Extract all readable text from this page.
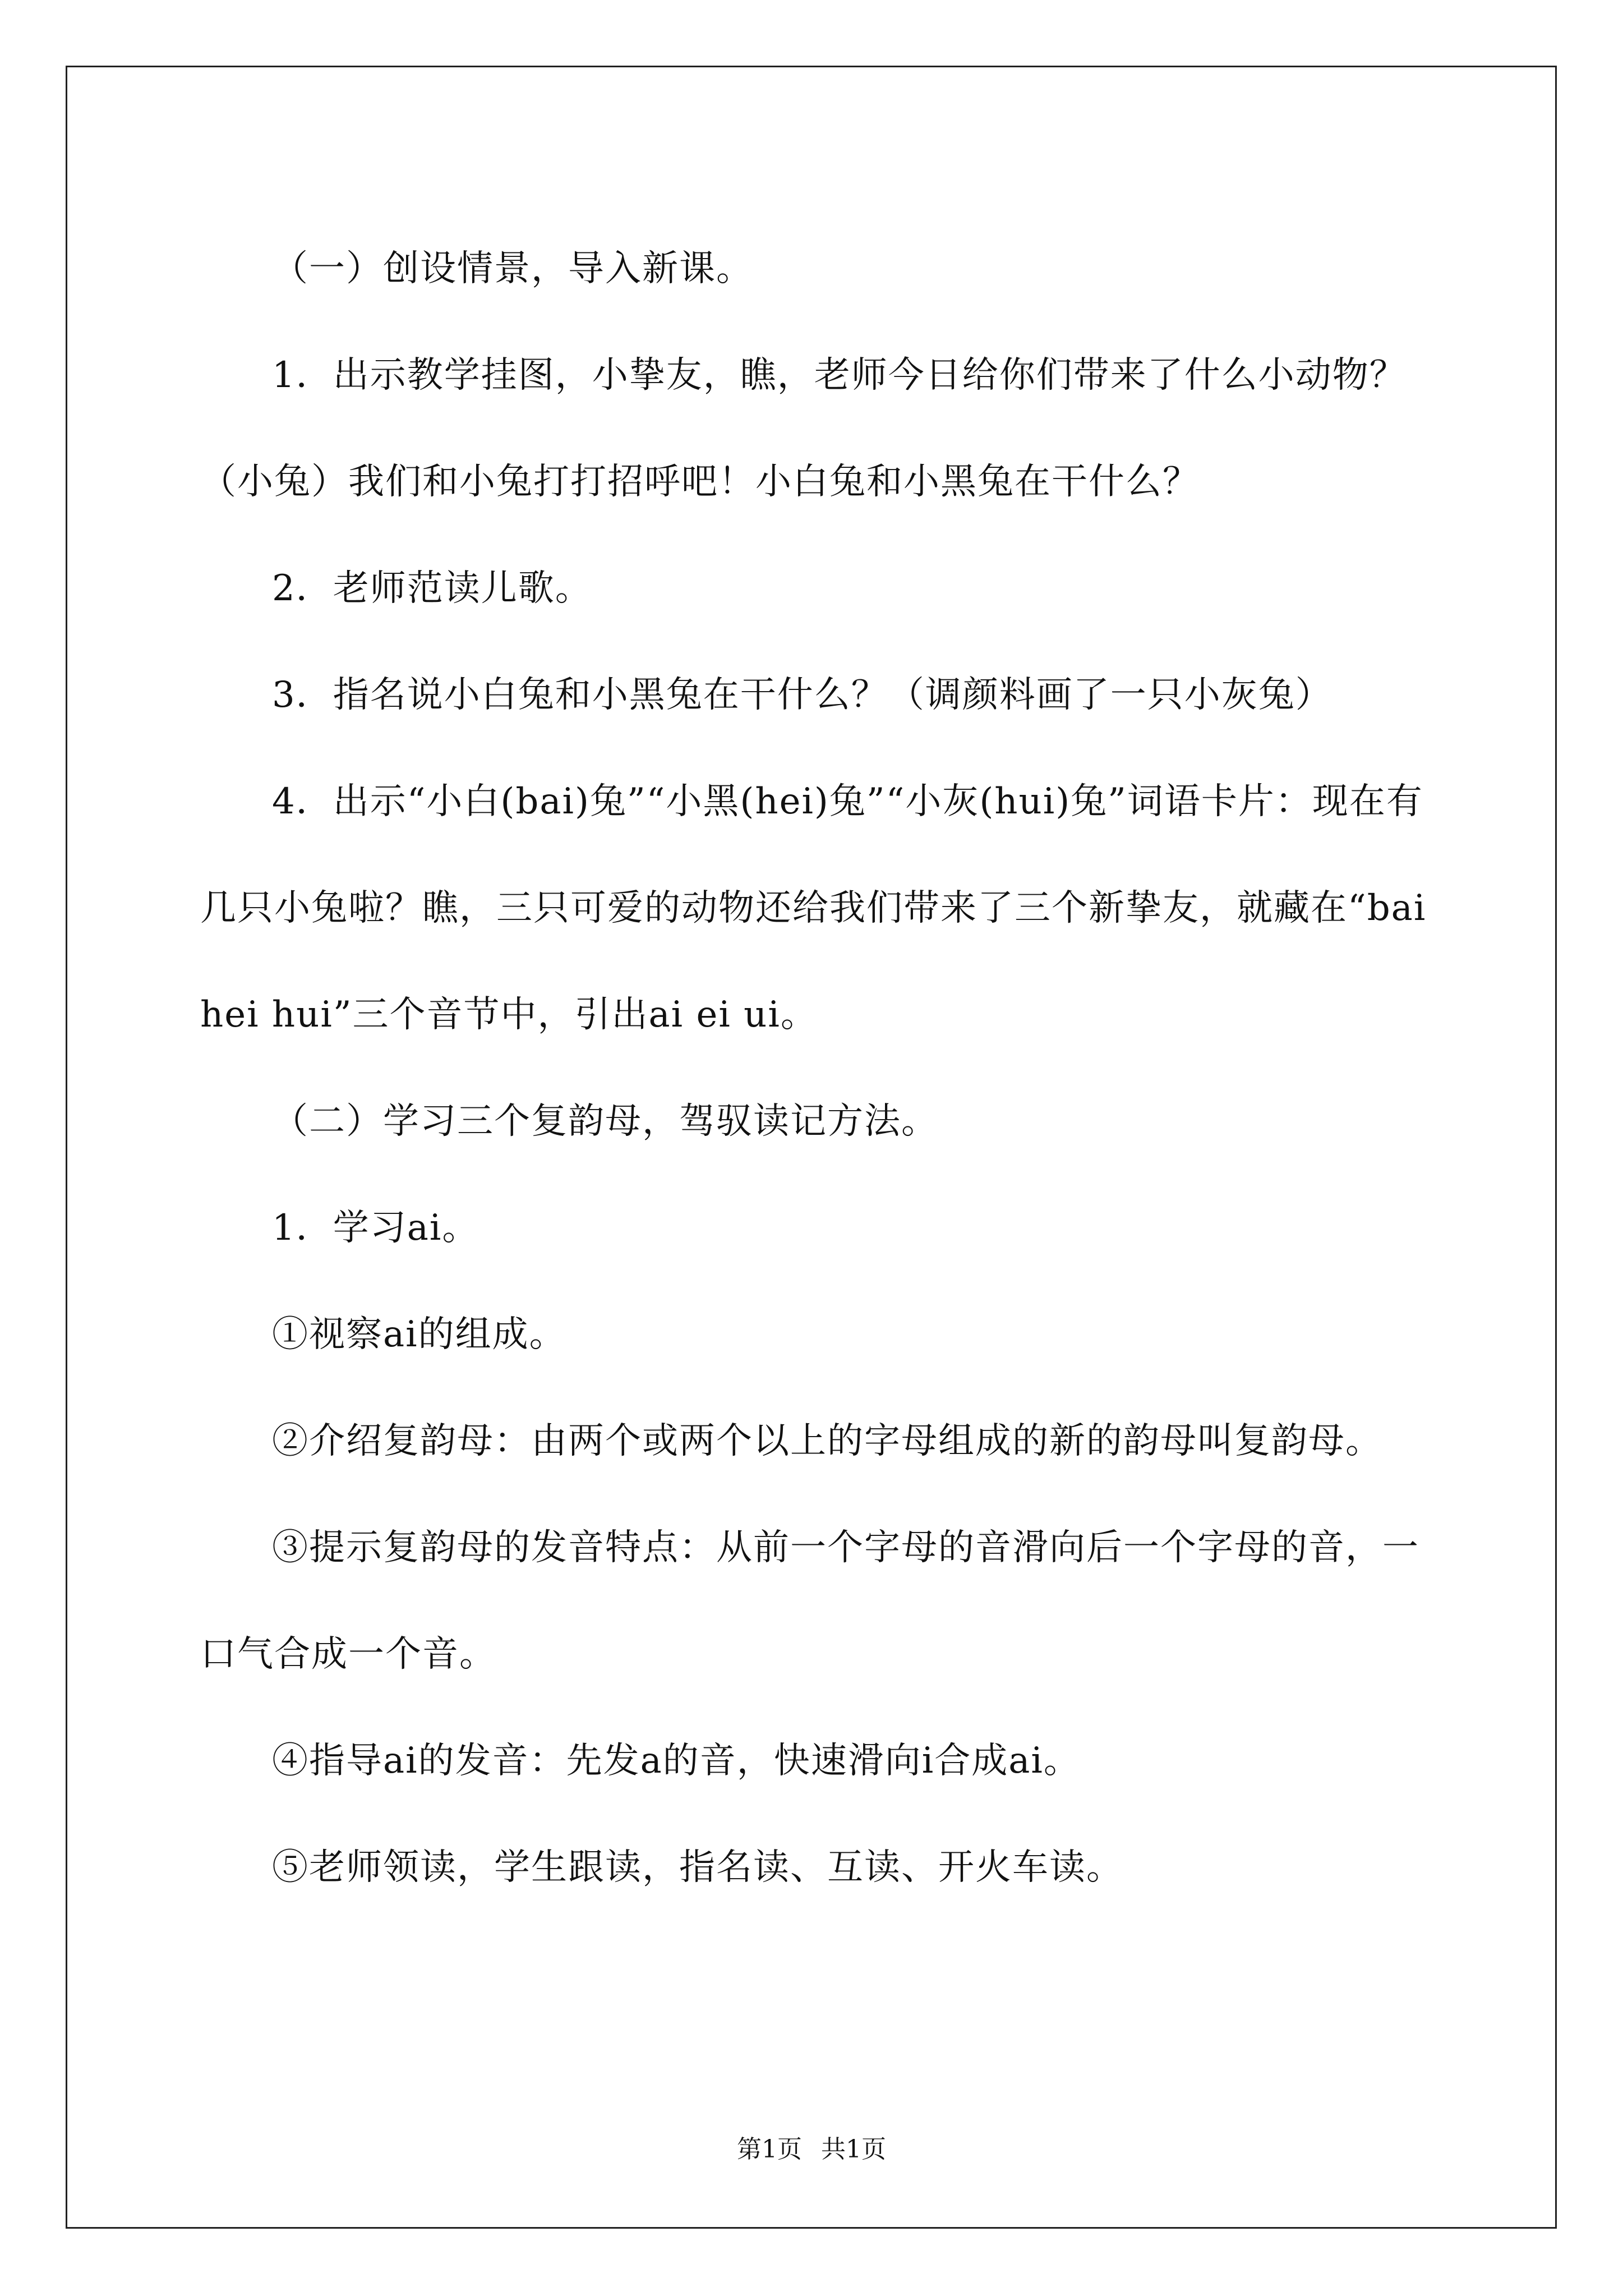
（一）创设情景，导入新课。

1．出示教学挂图，小挚友，瞧，老师今日给你们带来了什么小动物？（小兔）我们和小兔打打招呼吧！小白兔和小黑兔在干什么？

2．老师范读儿歌。

3．指名说小白兔和小黑兔在干什么？（调颜料画了一只小灰兔）

4．出示“小白(bai)兔”“小黑(hei)兔”“小灰(hui)兔”词语卡片：现在有几只小兔啦？瞧，三只可爱的动物还给我们带来了三个新挚友，就藏在“bai hei hui”三个音节中，引出ai ei ui。

（二）学习三个复韵母，驾驭读记方法。

1．学习ai。

①视察ai的组成。

②介绍复韵母：由两个或两个以上的字母组成的新的韵母叫复韵母。

③提示复韵母的发音特点：从前一个字母的音滑向后一个字母的音，一口气合成一个音。

④指导ai的发音：先发a的音，快速滑向i合成ai。

⑤老师领读，学生跟读，指名读、互读、开火车读。

第1页 共1页
